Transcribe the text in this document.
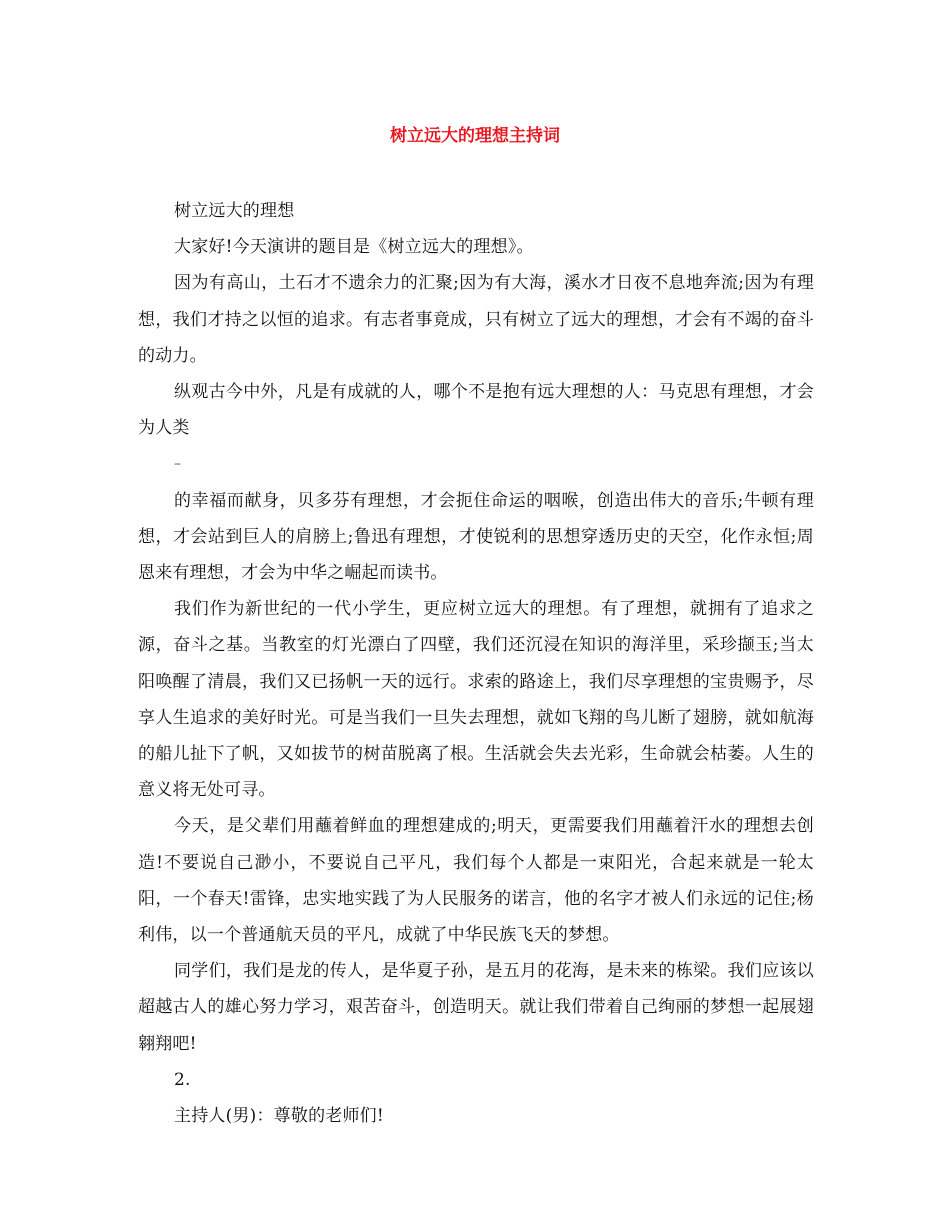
树立远大的理想主持词

树立远大的理想

大家好!今天演讲的题目是《树立远大的理想》。

因为有高山，土石才不遗余力的汇聚;因为有大海，溪水才日夜不息地奔流;因为有理想，我们才持之以恒的追求。有志者事竟成，只有树立了远大的理想，才会有不竭的奋斗的动力。

纵观古今中外，凡是有成就的人，哪个不是抱有远大理想的人：马克思有理想，才会为人类

–

的幸福而献身，贝多芬有理想，才会扼住命运的咽喉，创造出伟大的音乐;牛顿有理想，才会站到巨人的肩膀上;鲁迅有理想，才使锐利的思想穿透历史的天空，化作永恒;周恩来有理想，才会为中华之崛起而读书。

我们作为新世纪的一代小学生，更应树立远大的理想。有了理想，就拥有了追求之源，奋斗之基。当教室的灯光漂白了四壁，我们还沉浸在知识的海洋里，采珍撷玉;当太阳唤醒了清晨，我们又已扬帆一天的远行。求索的路途上，我们尽享理想的宝贵赐予，尽享人生追求的美好时光。可是当我们一旦失去理想，就如飞翔的鸟儿断了翅膀，就如航海的船儿扯下了帆，又如拔节的树苗脱离了根。生活就会失去光彩，生命就会枯萎。人生的意义将无处可寻。

今天，是父辈们用蘸着鲜血的理想建成的;明天，更需要我们用蘸着汗水的理想去创造!不要说自己渺小，不要说自己平凡，我们每个人都是一束阳光，合起来就是一轮太阳，一个春天!雷锋，忠实地实践了为人民服务的诺言，他的名字才被人们永远的记住;杨利伟，以一个普通航天员的平凡，成就了中华民族飞天的梦想。

同学们，我们是龙的传人，是华夏子孙，是五月的花海，是未来的栋梁。我们应该以超越古人的雄心努力学习，艰苦奋斗，创造明天。就让我们带着自己绚丽的梦想一起展翅翱翔吧!

2.

主持人(男)：尊敬的老师们!
